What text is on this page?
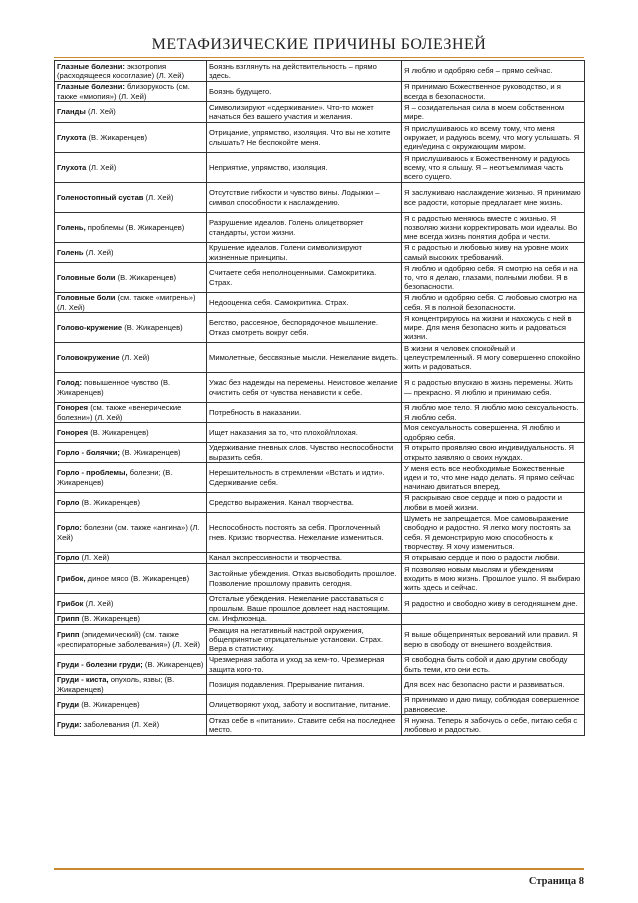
МЕТАФИЗИЧЕСКИЕ ПРИЧИНЫ БОЛЕЗНЕЙ
Глазные болезни: экзотропия (расходящееся косоглазие) (Л. Хей)	Боязнь взглянуть на действительность – прямо здесь.	Я люблю и одобряю себя – прямо сейчас.
Глазные болезни: близорукость (см. также «миопия») (Л. Хей)	Боязнь будущего.	Я принимаю Божественное руководство, и я всегда в безопасности.
Гланды (Л. Хей)	Символизируют «сдерживание». Что-то может начаться без вашего участия и желания.	Я – созидательная сила в моем собственном мире.
Глухота (В. Жикаренцев)	Отрицание, упрямство, изоляция. Что вы не хотите слышать? Не беспокойте меня.	Я прислушиваюсь ко всему тому, что меня окружает, и радуюсь всему, что могу услышать. Я един/едина с окружающим миром.
Глухота (Л. Хей)	Неприятие, упрямство, изоляция.	Я прислушиваюсь к Божественному и радуюсь всему, что я слышу. Я – неотъемлимая часть всего сущего.
Голеностопный сустав (Л. Хей)	Отсутствие гибкости и чувство вины. Лодыжки – символ способности к наслаждению.	Я заслуживаю наслаждение жизнью. Я принимаю все радости, которые предлагает мне жизнь.
Голень, проблемы (В. Жикаренцев)	Разрушение идеалов. Голень олицетворяет стандарты, устои жизни.	Я с радостью меняюсь вместе с жизнью. Я позволяю жизни корректировать мои идеалы. Во мне всегда жизнь понятия добра и чести.
Голень (Л. Хей)	Крушение идеалов. Голени символизируют жизненные принципы.	Я с радостью и любовью живу на уровне моих самый высоких требований.
Головные боли (В. Жикаренцев)	Считаете себя неполноценными. Самокритика. Страх.	Я люблю и одобряю себя. Я смотрю на себя и на то, что я делаю, глазами, полными любви. Я в безопасности.
Головные боли (см. также «мигрень») (Л. Хей)	Недооценка себя. Самокритика. Страх.	Я люблю и одобряю себя. С любовью смотрю на себя. Я в полной безопасности.
Голово-кружение (В. Жикаренцев)	Бегство, рассеяное, беспорядочное мышление. Отказ смотреть вокруг себя.	Я концентрируюсь на жизни и нахожусь с ней в мире. Для меня безопасно жить и радоваться жизни.
Головокружение (Л. Хей)	Мимолетные, бессвязные мысли. Нежелание видеть.	В жизни я человек спокойный и целеустремленный. Я могу совершенно спокойно жить и радоваться.
Голод: повышенное чувство (В. Жикаренцев)	Ужас без надежды на перемены. Неистовое желание очистить себя от чувства ненависти к себе.	Я с радостью впускаю в жизнь перемены. Жить — прекрасно. Я люблю и принимаю себя.
Гонорея (см. также «венерические болезни») (Л. Хей)	Потребность в наказании.	Я люблю мое тело. Я люблю мою сексуальность. Я люблю себя.
Гонорея (В. Жикаренцев)	Ищет наказания за то, что плохой/плохая.	Моя сексуальность совершенна. Я люблю и одобряю себя.
Горло - болячки; (В. Жикаренцев)	Удерживание гневных слов. Чувство неспособности выразить себя.	Я открыто проявляю свою индивидуальность. Я открыто заявляю о своих нуждах.
Горло - проблемы, болезни; (В. Жикаренцев)	Нерешительность в стремлении «Встать и идти». Сдерживание себя.	У меня есть все необходимые Божественные идеи и то, что мне надо делать. Я прямо сейчас начинаю двигаться вперед.
Горло (В. Жикаренцев)	Средство выражения. Канал творчества.	Я раскрываю свое сердце и пою о радости и любви в моей жизни.
Горло: болезни (см. также «ангина») (Л. Хей)	Неспособность постоять за себя. Проглоченный гнев. Кризис творчества. Нежелание измениться.	Шуметь не запрещается. Мое самовыражение свободно и радостно. Я легко могу постоять за себя. Я демонстрирую мою способность к творчеству. Я хочу измениться.
Горло (Л. Хей)	Канал экспрессивности и творчества.	Я открываю сердце и пою о радости любви.
Грибок, диное мясо (В. Жикаренцев)	Застойные убеждения. Отказ высвободить прошлое. Позволение прошлому править сегодня.	Я позволяю новым мыслям и убеждениям входить в мою жизнь. Прошлое ушло. Я выбираю жить здесь и сейчас.
Грибок (Л. Хей)	Отсталые убеждения. Нежелание расставаться с прошлым. Ваше прошлое довлеет над настоящим.	Я радостно и свободно живу в сегодняшнем дне.
Грипп (В. Жикаренцев)	см. Инфлюэнца.	
Грипп (эпидемический) (см. также «респираторные заболевания») (Л. Хей)	Реакция на негативный настрой окружения, общепринятые отрицательные установки. Страх. Вера в статистику.	Я выше общепринятых верований или правил. Я верю в свободу от внешнего воздействия.
Груди - болезни груди; (В. Жикаренцев)	Чрезмерная забота и уход за кем-то. Чрезмерная защита кого-то.	Я свободна быть собой и даю другим свободу быть теми, кто они есть.
Груди - киста, опухоль, язвы; (В. Жикаренцев)	Позиция подавления. Прерывание питания.	Для всех нас безопасно расти и развиваться.
Груди (В. Жикаренцев)	Олицетворяют уход, заботу и воспитание, питание.	Я принимаю и даю пищу, соблюдая совершенное равновесие.
Груди: заболевания (Л. Хей)	Отказ себе в «питании». Ставите себя на последнее место.	Я нужна. Теперь я забочусь о себе, питаю себя с любовью и радостью.
Страница 8
